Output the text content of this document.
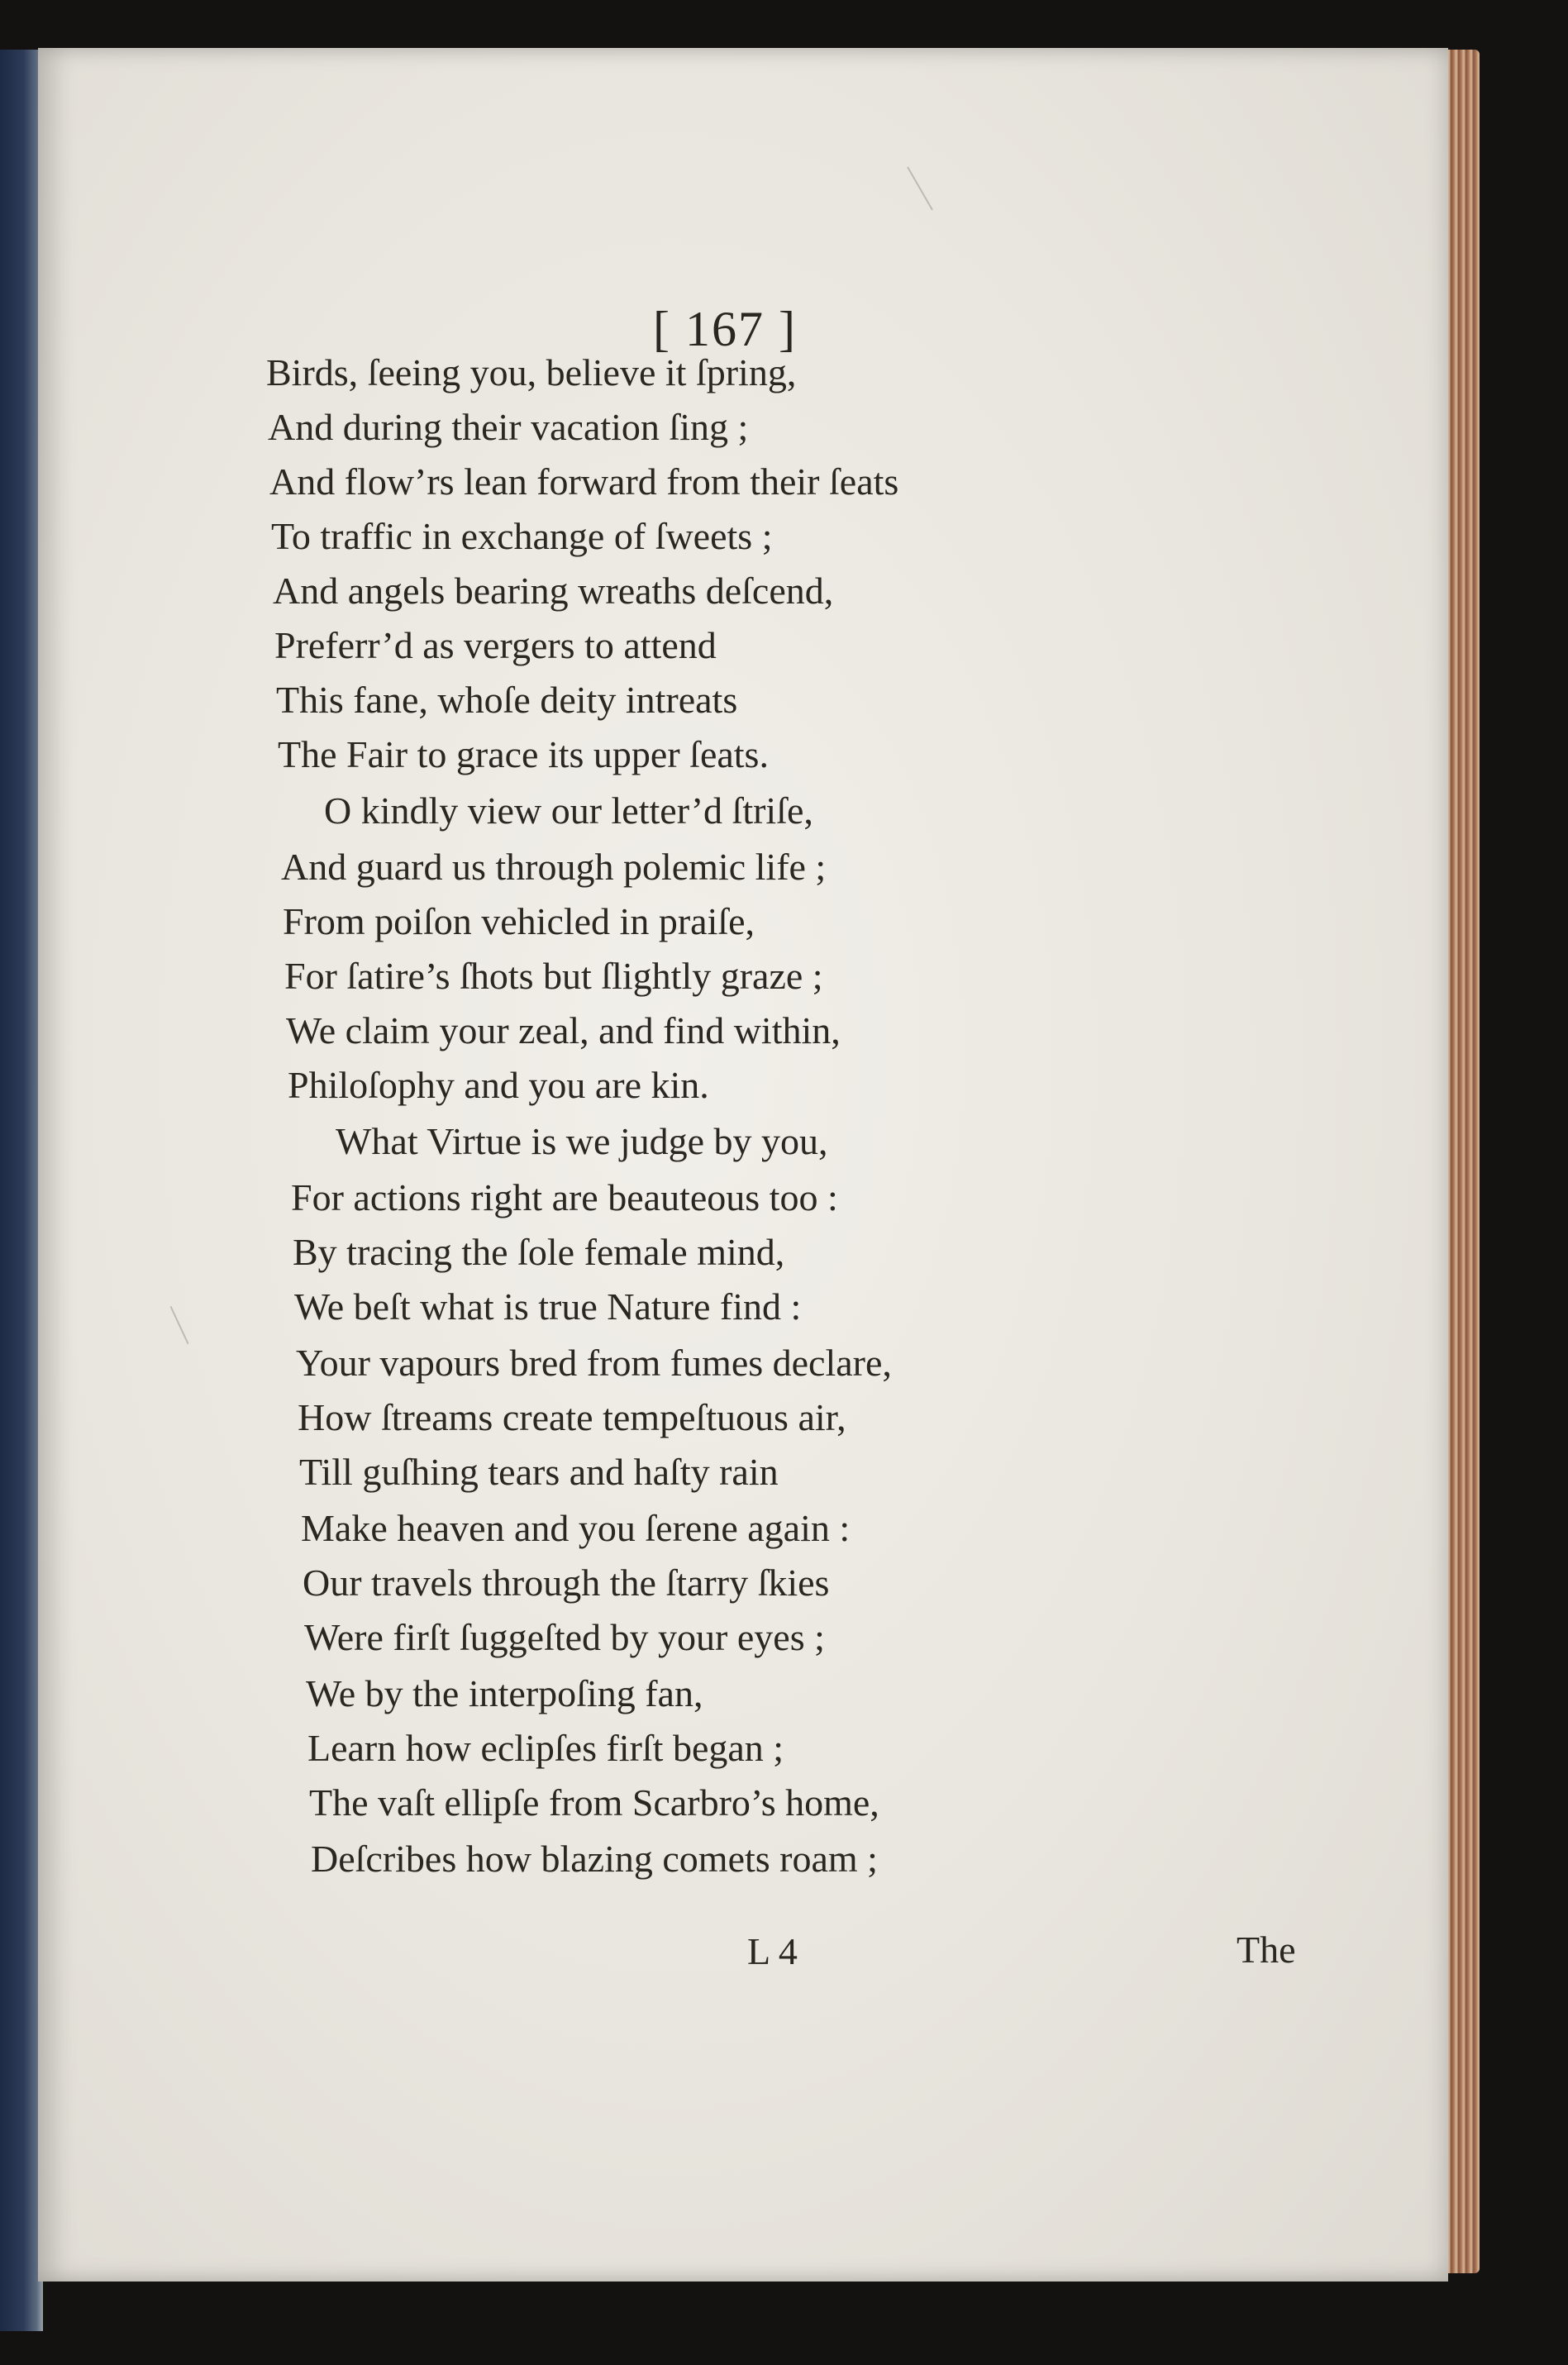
[ 167 ]
Birds, ſeeing you, believe it ſpring,
And during their vacation ſing ;
And flow’rs lean forward from their ſeats
To traffic in exchange of ſweets ;
And angels bearing wreaths deſcend,
Preferr’d as vergers to attend
This fane, whoſe deity intreats
The Fair to grace its upper ſeats.
O kindly view our letter’d ſtriſe,
And guard us through polemic life ;
From poiſon vehicled in praiſe,
For ſatire’s ſhots but ſlightly graze ;
We claim your zeal, and find within,
Philoſophy and you are kin.
What Virtue is we judge by you,
For actions right are beauteous too :
By tracing the ſole female mind,
We beſt what is true Nature find :
Your vapours bred from fumes declare,
How ſtreams create tempeſtuous air,
Till guſhing tears and haſty rain
Make heaven and you ſerene again :
Our travels through the ſtarry ſkies
Were firſt ſuggeſted by your eyes ;
We by the interpoſing fan,
Learn how eclipſes firſt began ;
The vaſt ellipſe from Scarbro’s home,
Deſcribes how blazing comets roam ;
L 4	The
